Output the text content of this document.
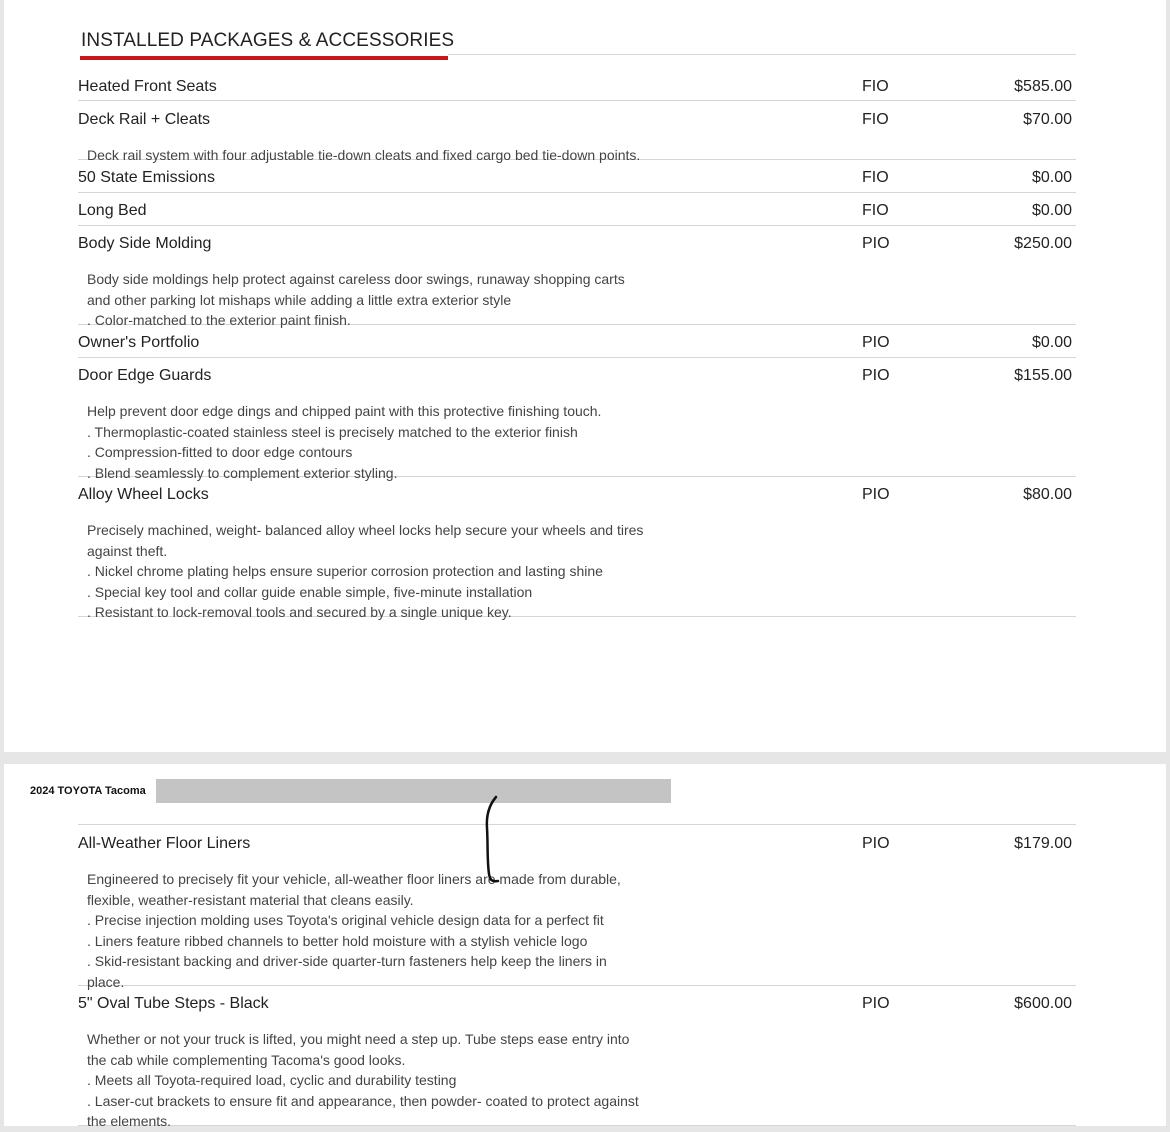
INSTALLED PACKAGES & ACCESSORIES
Heated Front Seats	FIO	$585.00
Deck Rail + Cleats	FIO	$70.00
Deck rail system with four adjustable tie-down cleats and fixed cargo bed tie-down points.
50 State Emissions	FIO	$0.00
Long Bed	FIO	$0.00
Body Side Molding	PIO	$250.00
Body side moldings help protect against careless door swings, runaway shopping carts
and other parking lot mishaps while adding a little extra exterior style
. Color-matched to the exterior paint finish.
Owner's Portfolio	PIO	$0.00
Door Edge Guards	PIO	$155.00
Help prevent door edge dings and chipped paint with this protective finishing touch.
. Thermoplastic-coated stainless steel is precisely matched to the exterior finish
. Compression-fitted to door edge contours
. Blend seamlessly to complement exterior styling.
Alloy Wheel Locks	PIO	$80.00
Precisely machined, weight- balanced alloy wheel locks help secure your wheels and tires
against theft.
. Nickel chrome plating helps ensure superior corrosion protection and lasting shine
. Special key tool and collar guide enable simple, five-minute installation
. Resistant to lock-removal tools and secured by a single unique key.
2024 TOYOTA Tacoma
All-Weather Floor Liners	PIO	$179.00
Engineered to precisely fit your vehicle, all-weather floor liners are made from durable,
flexible, weather-resistant material that cleans easily.
. Precise injection molding uses Toyota's original vehicle design data for a perfect fit
. Liners feature ribbed channels to better hold moisture with a stylish vehicle logo
. Skid-resistant backing and driver-side quarter-turn fasteners help keep the liners in
place.
5" Oval Tube Steps - Black	PIO	$600.00
Whether or not your truck is lifted, you might need a step up. Tube steps ease entry into
the cab while complementing Tacoma's good looks.
. Meets all Toyota-required load, cyclic and durability testing
. Laser-cut brackets to ensure fit and appearance, then powder- coated to protect against
the elements.
